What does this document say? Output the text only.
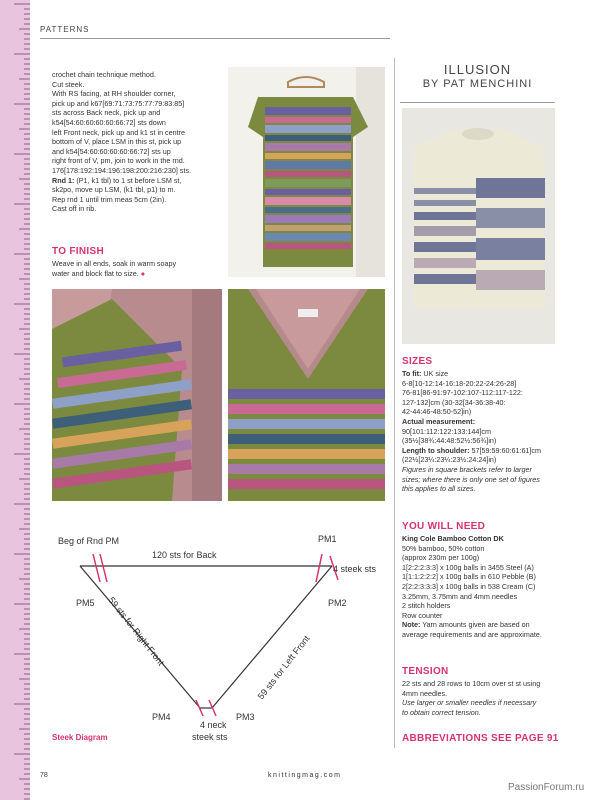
PATTERNS
crochet chain technique method.
Cut steek.
With RS facing, at RH shoulder corner,
pick up and k67[69:71:73:75:77:79:83:85]
sts across Back neck, pick up and
k54[54:60:60:60:60:66:72] sts down
left Front neck, pick up and k1 st in centre
bottom of V, place LSM in this st, pick up
and k54[54:60:60:60:60:66:72] sts up
right front of V, pm, join to work in the rnd.
176[178:192:194:196:198:200:216:230] sts.
Rnd 1: (P1, k1 tbl) to 1 st before LSM st,
sk2po, move up LSM, (k1 tbl, p1) to m.
Rep rnd 1 until trim meas 5cm (2in).
Cast off in rib.
TO FINISH
Weave in all ends, soak in warm soapy
water and block flat to size. ●
ILLUSION
BY PAT MENCHINI
SIZES
To fit: UK size
6-8[10-12:14-16:18-20:22-24:26-28]
76-81[86-91:97-102:107-112:117-122:
127-132]cm (30-32[34-36:38-40:
42-44:46-48:50-52]in)
Actual measurement:
90[101:112:122:133:144]cm
(35½[38¾:44:48:52½:56¾]in)
Length to shoulder: 57[59:59:60:61:61]cm
(22½[23¼:23¼:23½:24:24]in)
Figures in square brackets refer to larger
sizes; where there is only one set of figures
this applies to all sizes.
YOU WILL NEED
King Cole Bamboo Cotton DK
50% bamboo, 50% cotton
(approx 230m per 100g)
1[2:2:2:3:3] x 100g balls in 3455 Steel (A)
1[1:1:2:2:2] x 100g balls in 610 Pebble (B)
2[2:2:3:3:3] x 100g balls in 538 Cream (C)
3.25mm, 3.75mm and 4mm needles
2 stitch holders
Row counter
Note: Yarn amounts given are based on
average requirements and are approximate.
TENSION
22 sts and 28 rows to 10cm over st st using
4mm needles.
Use larger or smaller needles if necessary
to obtain correct tension.
ABBREVIATIONS SEE PAGE 91
Beg of Rnd PM	PM1
120 sts for Back
4 steek sts
PM5	PM2
59 sts for Right Front	59 sts for Left Front
PM4	PM3
4 neck
steek sts
Steek Diagram
78	knittingmag.com
PassionForum.ru
